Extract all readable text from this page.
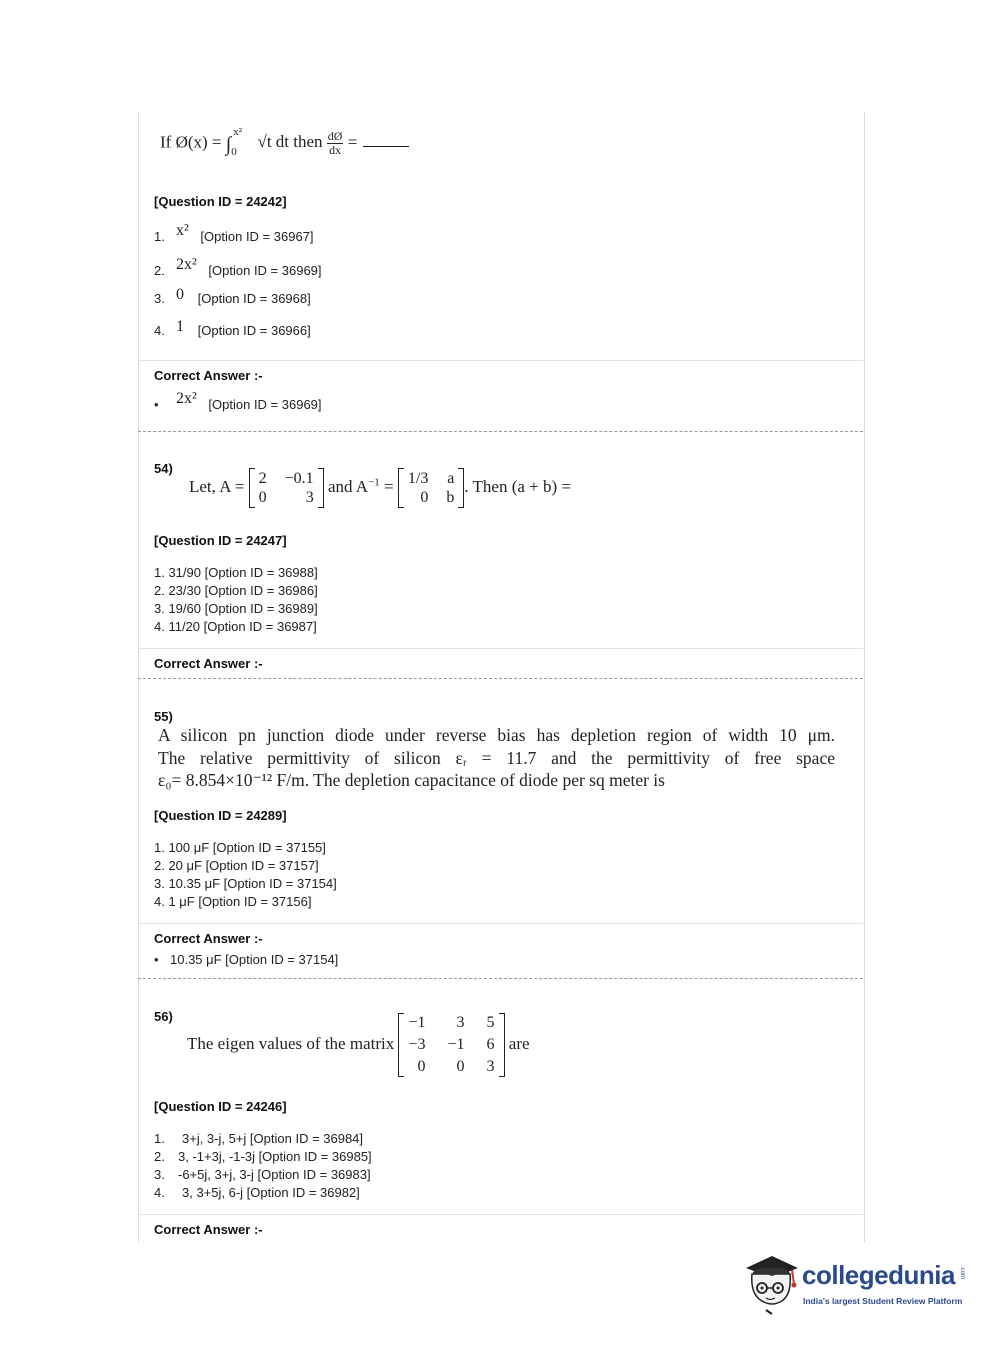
If Ø(x) = ∫
x²
0
√t dt then $\frac{dØ}{dx}$ =
[Question ID = 24242]
1. x² [Option ID = 36967]
2. 2x² [Option ID = 36969]
3. 0 [Option ID = 36968]
4. 1 [Option ID = 36966]
Correct Answer :-
• 2x² [Option ID = 36969]
54)
Let, A = 2 −0.1
0	3
and $A^{-1} = 1/3$ a
0 b
. Then (a + b) =
[Question ID = 24247]
1. 31/90 [Option ID = 36988]
2. 23/30 [Option ID = 36986]
3. 19/60 [Option ID = 36989]
4. 11/20 [Option ID = 36987]
Correct Answer :-
55)
A silicon pn junction diode under reverse bias has depletion region of width 10 μm.
The relative permittivity of silicon εᵣ = 11.7 and the permittivity of free space
ε₀= 8.854×10⁻¹² F/m. The depletion capacitance of diode per sq meter is
[Question ID = 24289]
1. 100 μF [Option ID = 37155]
2. 20 μF [Option ID = 37157]
3. 10.35 μF [Option ID = 37154]
4. 1 μF [Option ID = 37156]
Correct Answer :-
• 10.35 μF [Option ID = 37154]
56)
The eigen values of the matrix
−1	3 5
−3 −1 6
0	0 3
are
[Question ID = 24246]
1. 3+j, 3-j, 5+j [Option ID = 36984]
2. 3, -1+3j, -1-3j [Option ID = 36985]
3. -6+5j, 3+j, 3-j [Option ID = 36983]
4. 3, 3+5j, 6-j [Option ID = 36982]
Correct Answer :-
collegedunia .com
India's largest Student Review Platform
